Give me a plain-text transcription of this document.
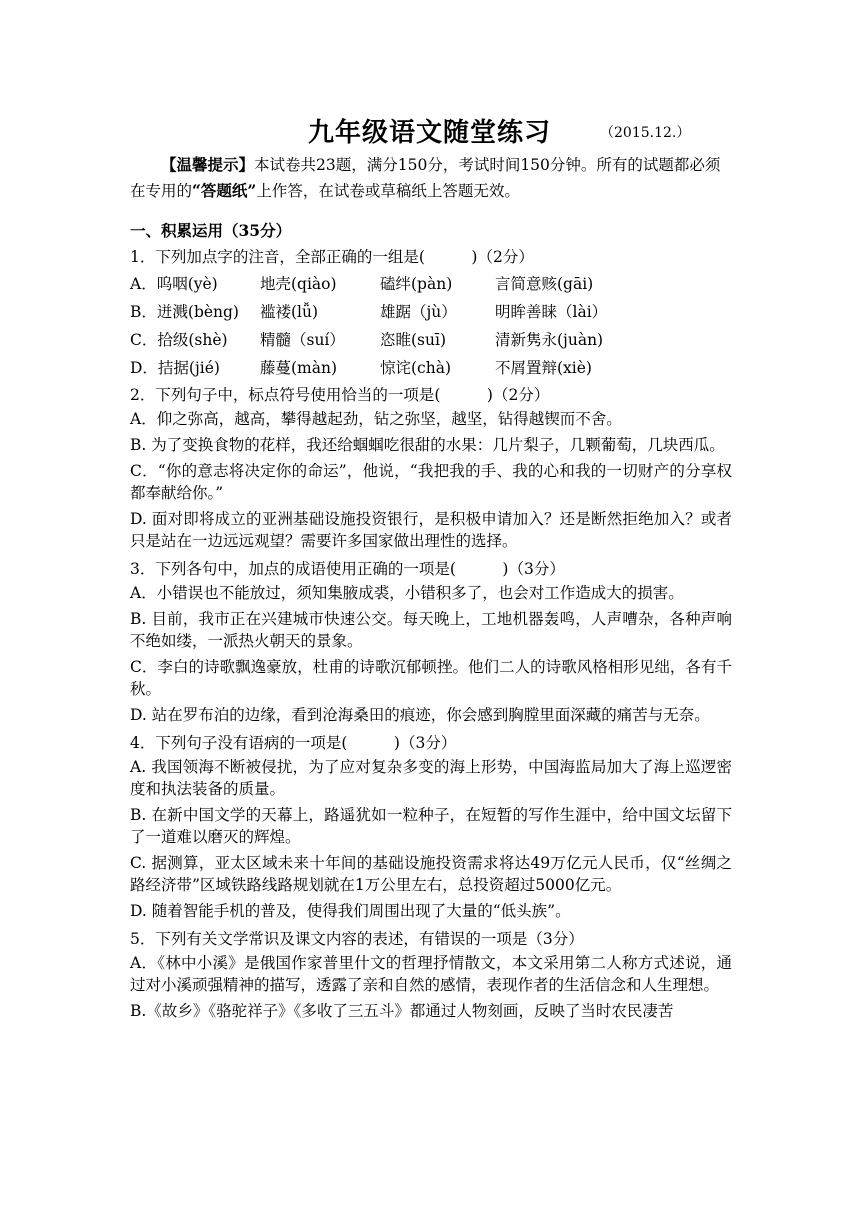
九年级语文随堂练习	（2015.12.）
【温馨提示】本试卷共23题，满分150分，考试时间150分钟。所有的试题都必须在专用的“答题纸”上作答，在试卷或草稿纸上答题无效。
一、积累运用（35分）
1．下列加点字的注音，全部正确的一组是(　　　)（2分）
A．呜咽(yè)	地壳(qiào)	磕绊(pàn)	言简意赅(gāi)
B．迸溅(bèng)	褴褛(lǚ)	雄踞（jù）	明眸善睐（lài）
C．拾级(shè)	精髓（suí）	恣睢(suī)	清新隽永(juàn)
D．拮据(jié)	藤蔓(màn)	惊诧(chà)	不屑置辩(xiè)
2．下列句子中，标点符号使用恰当的一项是(　　　)（2分）
A．仰之弥高，越高，攀得越起劲，钻之弥坚，越坚，钻得越锲而不舍。
B. 为了变换食物的花样，我还给蝈蝈吃很甜的水果：几片梨子，几颗葡萄，几块西瓜。
C．“你的意志将决定你的命运”，他说，“我把我的手、我的心和我的一切财产的分享权都奉献给你。”
D. 面对即将成立的亚洲基础设施投资银行，是积极申请加入？还是断然拒绝加入？或者只是站在一边远远观望？需要许多国家做出理性的选择。
3．下列各句中，加点的成语使用正确的一项是(　　　)（3分）
A．小错误也不能放过，须知集腋成裘，小错积多了，也会对工作造成大的损害。
B. 目前，我市正在兴建城市快速公交。每天晚上，工地机器轰鸣，人声嘈杂，各种声响不绝如缕，一派热火朝天的景象。
C．李白的诗歌飘逸豪放，杜甫的诗歌沉郁顿挫。他们二人的诗歌风格相形见绌，各有千秋。
D. 站在罗布泊的边缘，看到沧海桑田的痕迹，你会感到胸膛里面深藏的痛苦与无奈。
4．下列句子没有语病的一项是(　　　)（3分）
A. 我国领海不断被侵扰，为了应对复杂多变的海上形势，中国海监局加大了海上巡逻密度和执法装备的质量。
B. 在新中国文学的天幕上，路遥犹如一粒种子，在短暂的写作生涯中，给中国文坛留下了一道难以磨灭的辉煌。
C. 据测算，亚太区域未来十年间的基础设施投资需求将达49万亿元人民币，仅“丝绸之路经济带”区域铁路线路规划就在1万公里左右，总投资超过5000亿元。
D. 随着智能手机的普及，使得我们周围出现了大量的“低头族”。
5．下列有关文学常识及课文内容的表述，有错误的一项是（3分）
A．《林中小溪》是俄国作家普里什文的哲理抒情散文，本文采用第二人称方式述说，通过对小溪顽强精神的描写，透露了亲和自然的感情，表现作者的生活信念和人生理想。
B.《故乡》《骆驼祥子》《多收了三五斗》都通过人物刻画，反映了当时农民凄苦
